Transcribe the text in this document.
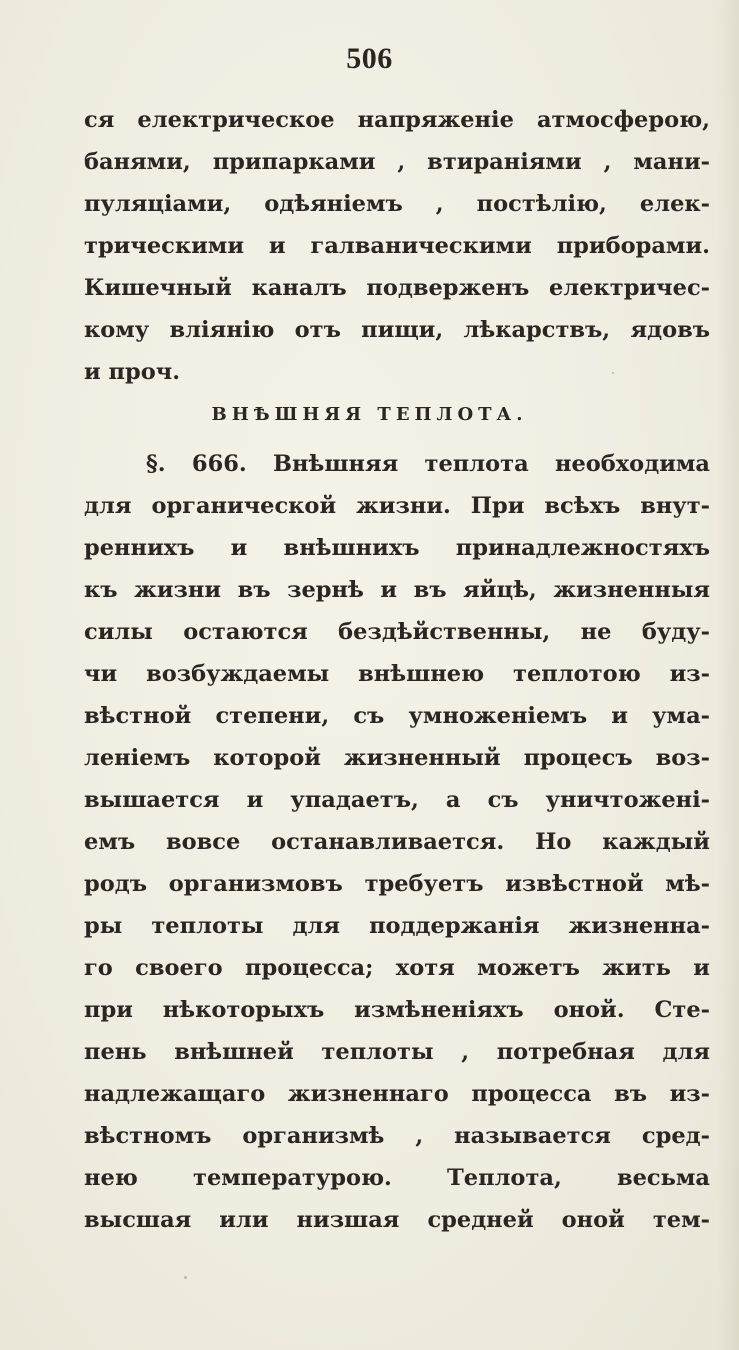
506
ся електрическое напряженіе атмосферою,
банями, припарками , втираніями , мани-
пуляціами, одѣяніемъ , постѣлію, елек-
трическими и галваническими приборами.
Кишечный каналъ подверженъ електричес-
кому вліянію отъ пищи, лѣкарствъ, ядовъ
и проч.
ВНѢШНЯЯ ТЕПЛОТА.
§. 666. Внѣшняя теплота необходима
для органической жизни. При всѣхъ внут-
реннихъ и внѣшнихъ принадлежностяхъ
къ жизни въ зернѣ и въ яйцѣ, жизненныя
силы остаются бездѣйственны, не буду-
чи возбуждаемы внѣшнею теплотою из-
вѣстной степени, съ умноженіемъ и ума-
леніемъ которой жизненный процесъ воз-
вышается и упадаетъ, а съ уничтожені-
емъ вовсе останавливается. Но каждый
родъ организмовъ требуетъ извѣстной мѣ-
ры теплоты для поддержанія жизненна-
го своего процесса; хотя можетъ жить и
при нѣкоторыхъ измѣненіяхъ оной. Сте-
пень внѣшней теплоты , потребная для
надлежащаго жизненнаго процесса въ из-
вѣстномъ организмѣ , называется сред-
нею температурою. Теплота, весьма
высшая или низшая средней оной тем-
